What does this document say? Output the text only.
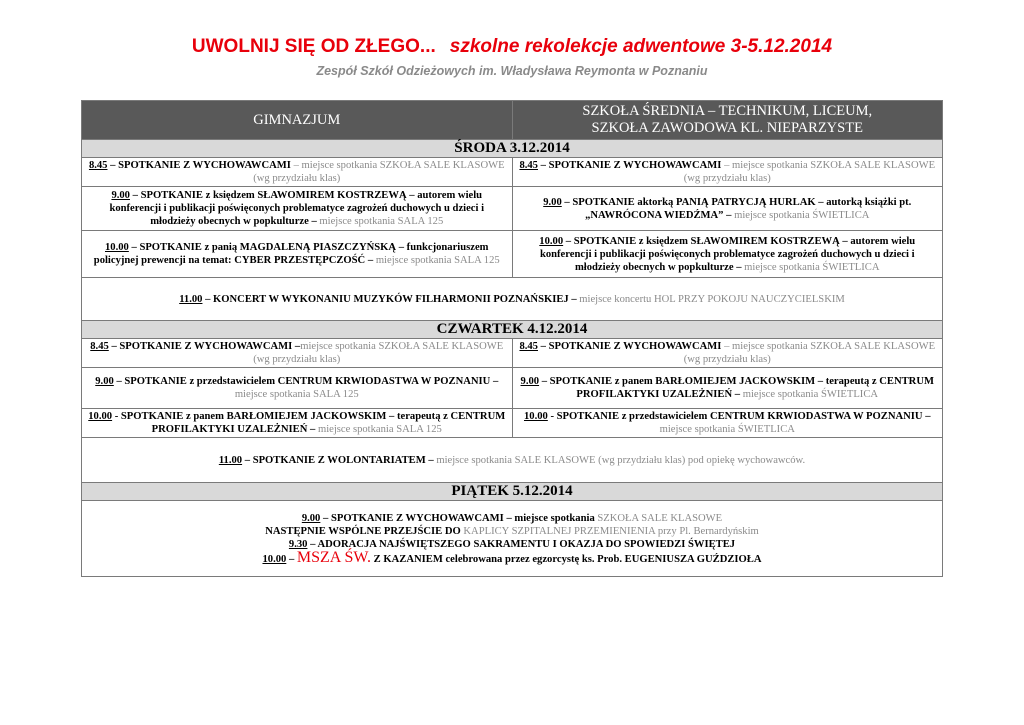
UWOLNIJ SIĘ OD ZŁEGO... szkolne rekolekcje adwentowe 3-5.12.2014
Zespół Szkół Odzieżowych im. Władysława Reymonta w Poznaniu
GIMNAZJUM	SZKOŁA ŚREDNIA – TECHNIKUM, LICEUM,
SZKOŁA ZAWODOWA KL. NIEPARZYSTE
ŚRODA 3.12.2014	
8.45 – SPOTKANIE Z WYCHOWAWCAMI – miejsce spotkania SZKOŁA SALE KLASOWE (wg przydziału klas)	8.45 – SPOTKANIE Z WYCHOWAWCAMI – miejsce spotkania SZKOŁA SALE KLASOWE (wg przydziału klas)
9.00 – SPOTKANIE z księdzem SŁAWOMIREM KOSTRZEWĄ – autorem wielu konferencji i publikacji poświęconych problematyce zagrożeń duchowych u dzieci i młodzieży obecnych w popkulturze – miejsce spotkania SALA 125	9.00 – SPOTKANIE aktorką PANIĄ PATRYCJĄ HURLAK – autorką książki pt. „NAWRÓCONA WIEDŹMA” – miejsce spotkania ŚWIETLICA
10.00 – SPOTKANIE z panią MAGDALENĄ PIASZCZYŃSKĄ – funkcjonariuszem policyjnej prewencji na temat: CYBER PRZESTĘPCZOŚĆ – miejsce spotkania SALA 125	10.00 – SPOTKANIE z księdzem SŁAWOMIREM KOSTRZEWĄ – autorem wielu konferencji i publikacji poświęconych problematyce zagrożeń duchowych u dzieci i młodzieży obecnych w popkulturze – miejsce spotkania ŚWIETLICA
11.00 – KONCERT W WYKONANIU MUZYKÓW FILHARMONII POZNAŃSKIEJ – miejsce koncertu HOL PRZY POKOJU NAUCZYCIELSKIM	
CZWARTEK 4.12.2014	
8.45 – SPOTKANIE Z WYCHOWAWCAMI –miejsce spotkania SZKOŁA SALE KLASOWE (wg przydziału klas)	8.45 – SPOTKANIE Z WYCHOWAWCAMI – miejsce spotkania SZKOŁA SALE KLASOWE (wg przydziału klas)
9.00 – SPOTKANIE z przedstawicielem CENTRUM KRWIODASTWA W POZNANIU – miejsce spotkania SALA 125	9.00 – SPOTKANIE z panem BARŁOMIEJEM JACKOWSKIM – terapeutą z CENTRUM PROFILAKTYKI UZALEŻNIEŃ – miejsce spotkania ŚWIETLICA
10.00 - SPOTKANIE z panem BARŁOMIEJEM JACKOWSKIM – terapeutą z CENTRUM PROFILAKTYKI UZALEŻNIEŃ – miejsce spotkania SALA 125	10.00 - SPOTKANIE z przedstawicielem CENTRUM KRWIODASTWA W POZNANIU – miejsce spotkania ŚWIETLICA
11.00 – SPOTKANIE Z WOLONTARIATEM – miejsce spotkania SALE KLASOWE (wg przydziału klas) pod opiekę wychowawców.	
PIĄTEK 5.12.2014	

9.00 – SPOTKANIE Z WYCHOWAWCAMI – miejsce spotkania SZKOŁA SALE KLASOWE
NASTĘPNIE WSPÓLNE PRZEJŚCIE DO KAPLICY SZPITALNEJ PRZEMIENIENIA przy Pl. Bernardyńskim
9.30 – ADORACJA NAJŚWIĘTSZEGO SAKRAMENTU I OKAZJA DO SPOWIEDZI ŚWIĘTEJ
10.00 – MSZA ŚW. Z KAZANIEM celebrowana przez egzorcystę ks. Prob. EUGENIUSZA GUŹDZIOŁA	
